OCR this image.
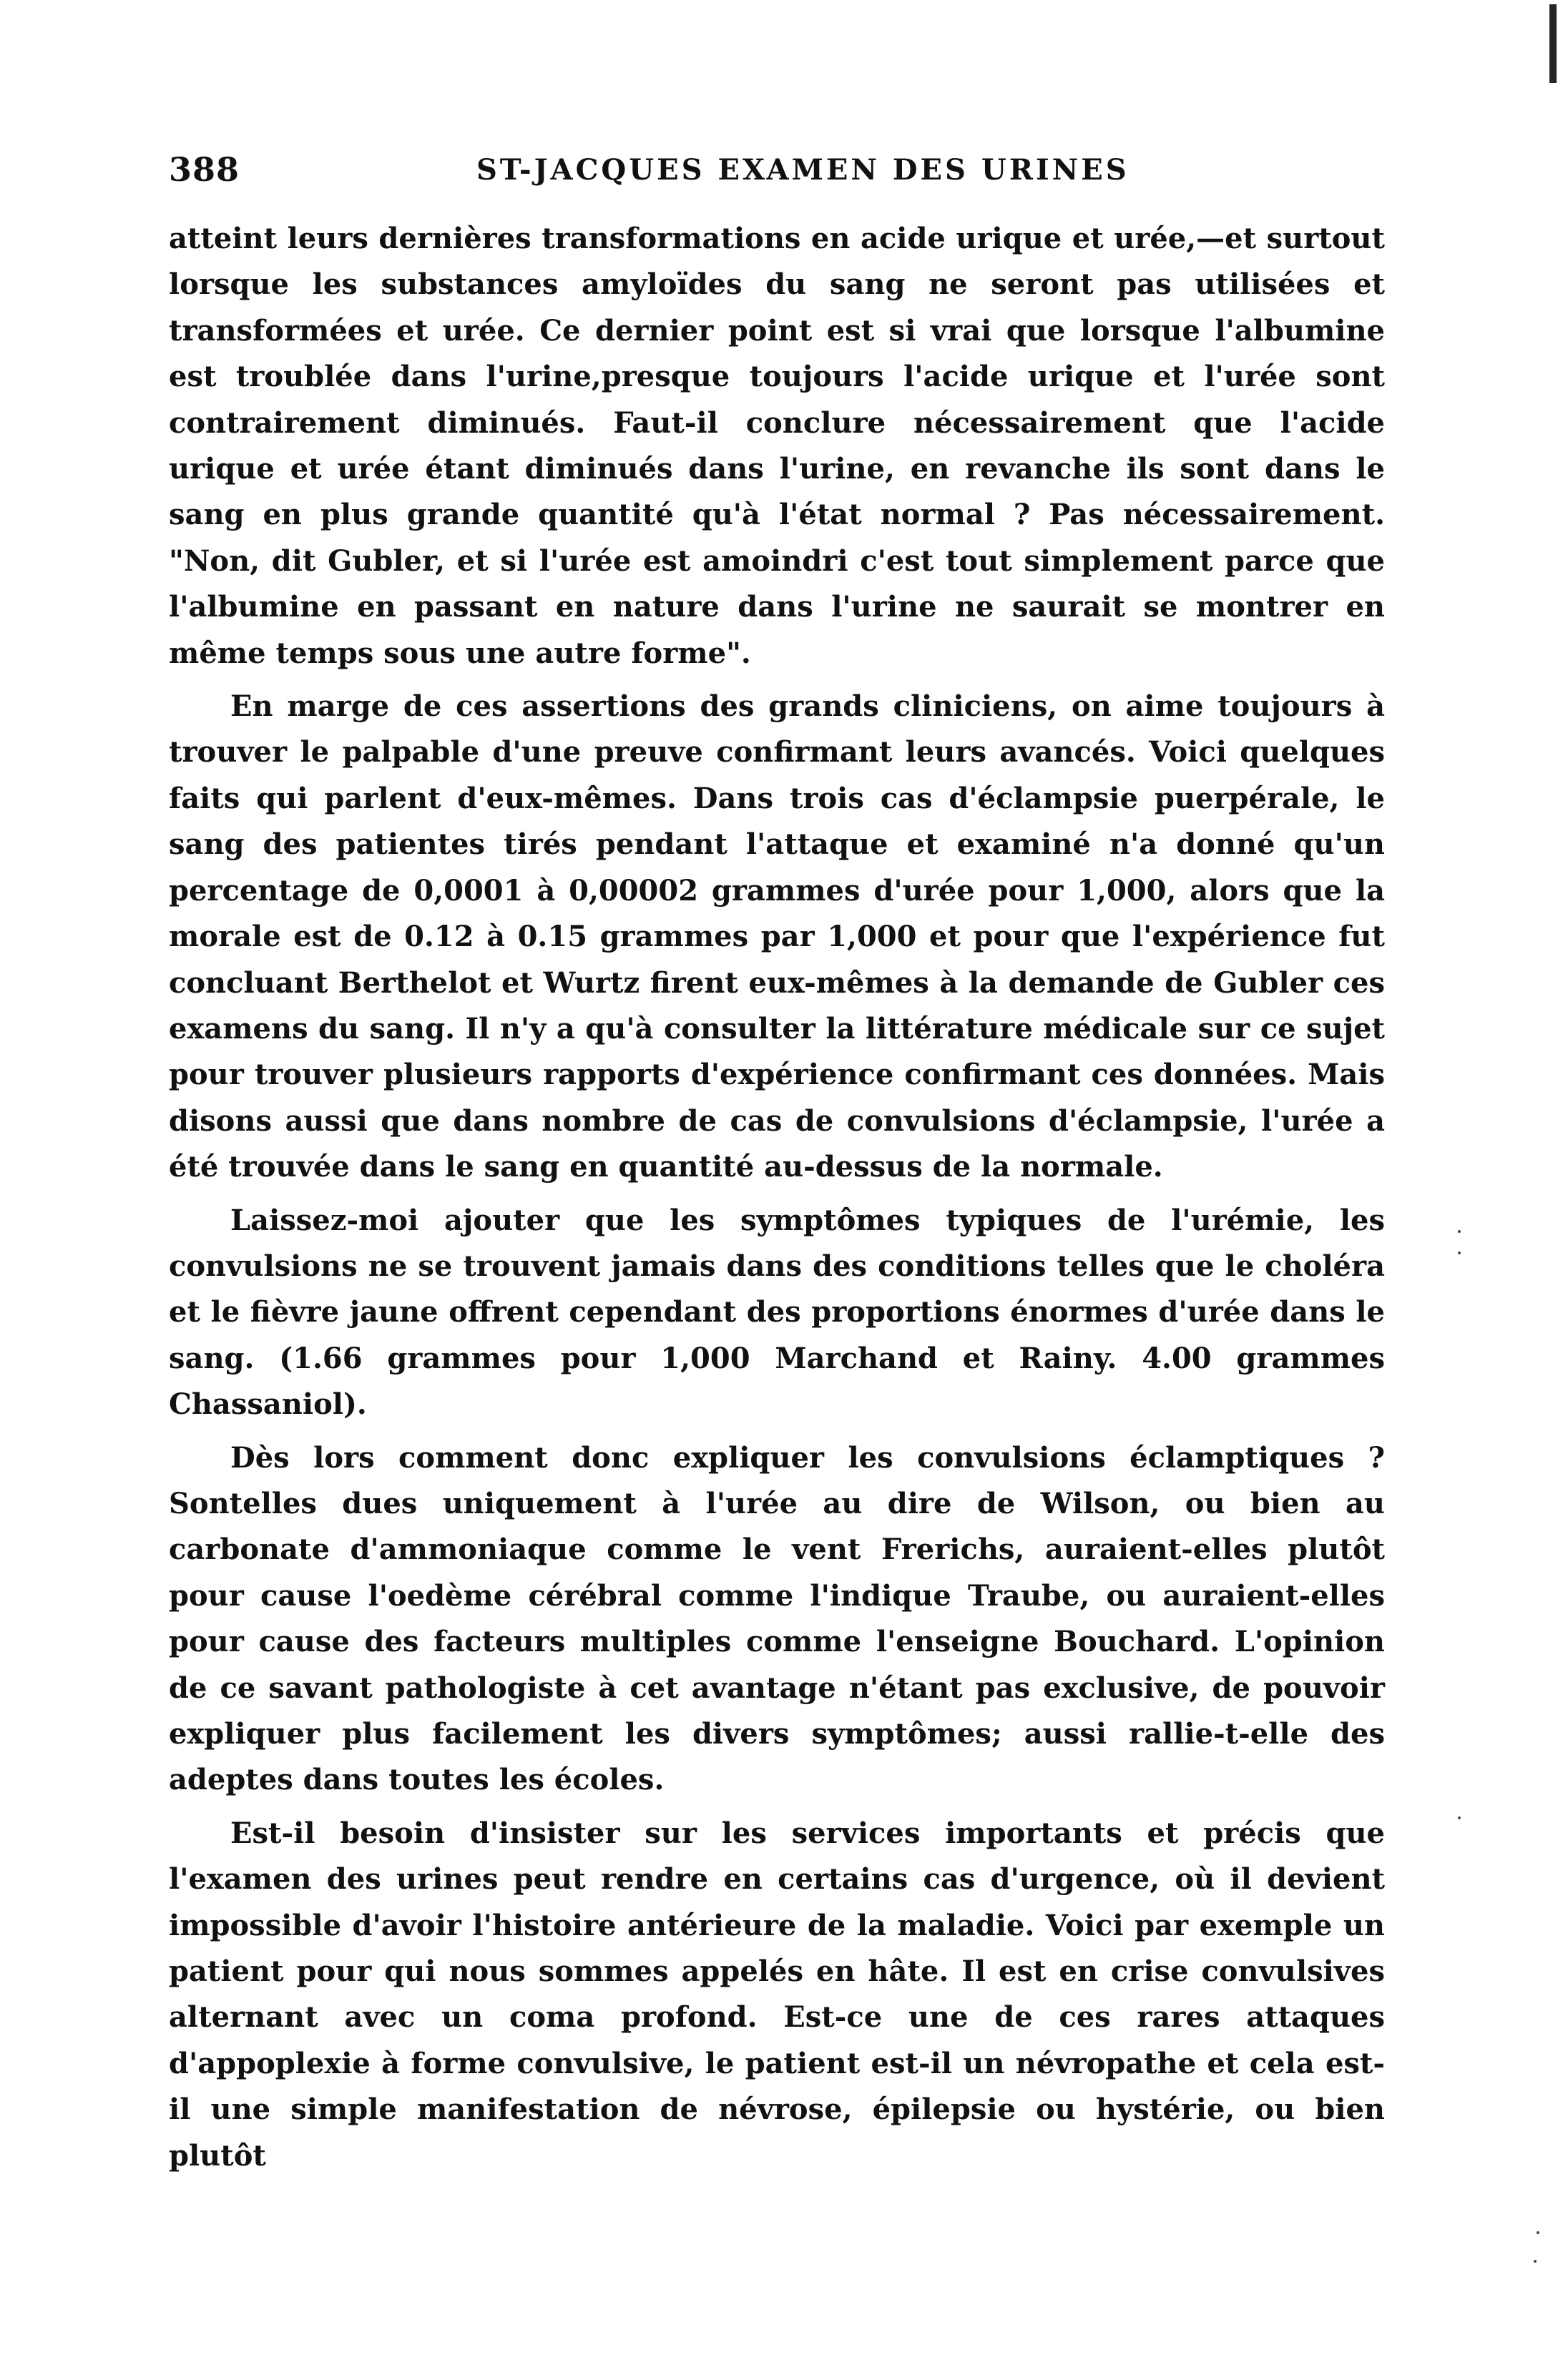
388	ST-JACQUES EXAMEN DES URINES

atteint leurs dernières transformations en acide urique et urée,—et surtout lorsque les substances amyloïdes du sang ne seront pas utilisées et transformées et urée. Ce dernier point est si vrai que lorsque l'albumine est troublée dans l'urine,presque toujours l'acide urique et l'urée sont contrairement diminués. Faut-il conclure nécessairement que l'acide urique et urée étant diminués dans l'urine, en revanche ils sont dans le sang en plus grande quantité qu'à l'état normal ? Pas nécessairement. "Non, dit Gubler, et si l'urée est amoindri c'est tout simplement parce que l'albumine en passant en nature dans l'urine ne saurait se montrer en même temps sous une autre forme".

En marge de ces assertions des grands cliniciens, on aime toujours à trouver le palpable d'une preuve confirmant leurs avancés. Voici quelques faits qui parlent d'eux-mêmes. Dans trois cas d'éclampsie puerpérale, le sang des patientes tirés pendant l'attaque et examiné n'a donné qu'un percentage de 0,0001 à 0,00002 grammes d'urée pour 1,000, alors que la morale est de 0.12 à 0.15 grammes par 1,000 et pour que l'expérience fut concluant Berthelot et Wurtz firent eux-mêmes à la demande de Gubler ces examens du sang. Il n'y a qu'à consulter la littérature médicale sur ce sujet pour trouver plusieurs rapports d'expérience confirmant ces données. Mais disons aussi que dans nombre de cas de convulsions d'éclampsie, l'urée a été trouvée dans le sang en quantité au-dessus de la normale.

Laissez-moi ajouter que les symptômes typiques de l'urémie, les convulsions ne se trouvent jamais dans des conditions telles que le choléra et le fièvre jaune offrent cependant des proportions énormes d'urée dans le sang. (1.66 grammes pour 1,000 Marchand et Rainy. 4.00 grammes Chassaniol).

Dès lors comment donc expliquer les convulsions éclamptiques ? Sontelles dues uniquement à l'urée au dire de Wilson, ou bien au carbonate d'ammoniaque comme le vent Frerichs, auraient-elles plutôt pour cause l'oedème cérébral comme l'indique Traube, ou auraient-elles pour cause des facteurs multiples comme l'enseigne Bouchard. L'opinion de ce savant pathologiste à cet avantage n'étant pas exclusive, de pouvoir expliquer plus facilement les divers symptômes; aussi rallie-t-elle des adeptes dans toutes les écoles.

Est-il besoin d'insister sur les services importants et précis que l'examen des urines peut rendre en certains cas d'urgence, où il devient impossible d'avoir l'histoire antérieure de la maladie. Voici par exemple un patient pour qui nous sommes appelés en hâte. Il est en crise convulsives alternant avec un coma profond. Est-ce une de ces rares attaques d'appoplexie à forme convulsive, le patient est-il un névropathe et cela est-il une simple manifestation de névrose, épilepsie ou hystérie, ou bien plutôt
